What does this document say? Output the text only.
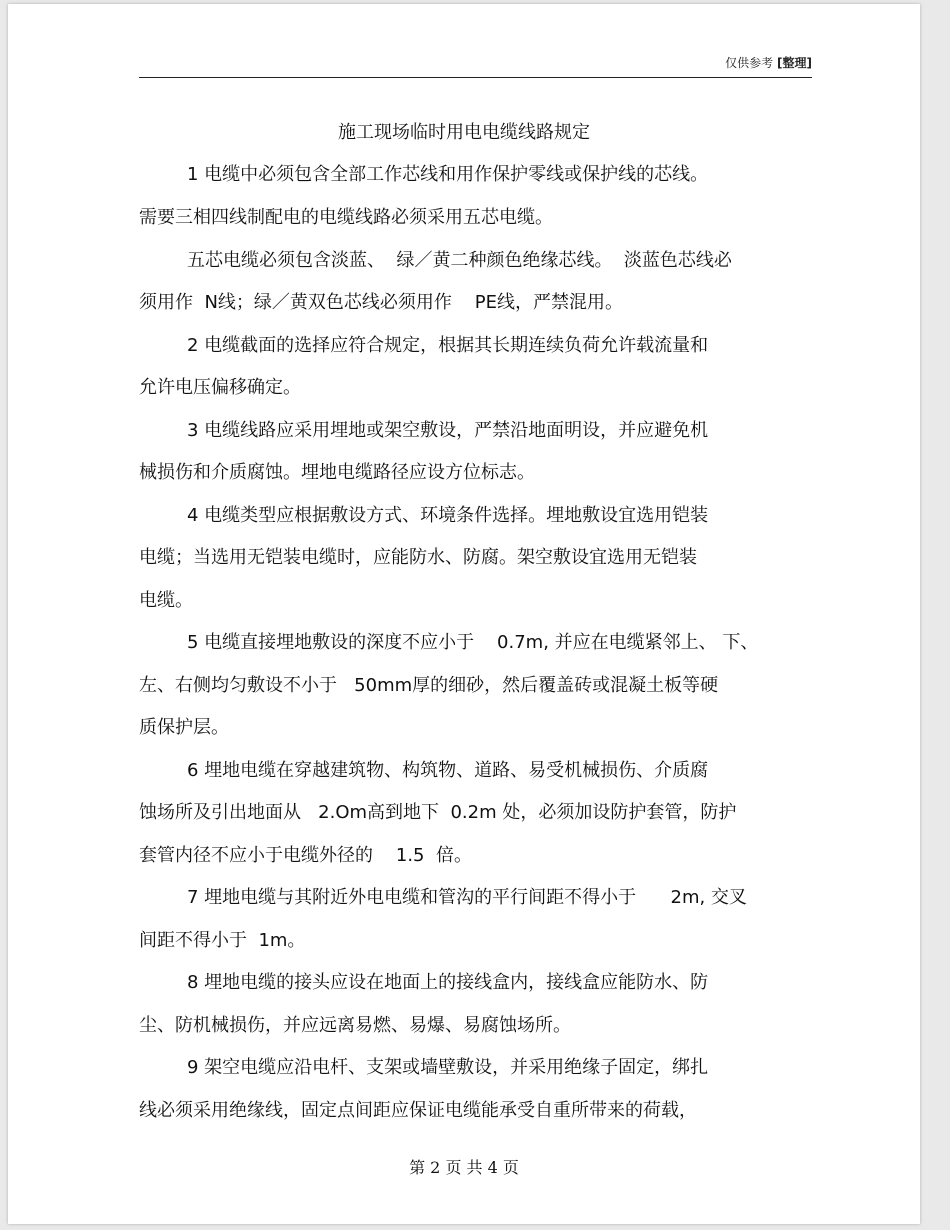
仅供参考 [整理]
施工现场临时用电电缆线路规定
1 电缆中必须包含全部工作芯线和用作保护零线或保护线的芯线。
需要三相四线制配电的电缆线路必须采用五芯电缆。
五芯电缆必须包含淡蓝、  绿／黄二种颜色绝缘芯线。  淡蓝色芯线必
须用作  N线；绿／黄双色芯线必须用作    PE线，严禁混用。
2 电缆截面的选择应符合规定，根据其长期连续负荷允许载流量和
允许电压偏移确定。
3 电缆线路应采用埋地或架空敷设，严禁沿地面明设，并应避免机
械损伤和介质腐蚀。埋地电缆路径应设方位标志。
4 电缆类型应根据敷设方式、环境条件选择。埋地敷设宜选用铠装
电缆；当选用无铠装电缆时，应能防水、防腐。架空敷设宜选用无铠装
电缆。
5 电缆直接埋地敷设的深度不应小于    0.7m, 并应在电缆紧邻上、 下、
左、右侧均匀敷设不小于   50mm厚的细砂，然后覆盖砖或混凝土板等硬
质保护层。
6 埋地电缆在穿越建筑物、构筑物、道路、易受机械损伤、介质腐
蚀场所及引出地面从   2.Om高到地下  0.2m 处，必须加设防护套管，防护
套管内径不应小于电缆外径的    1.5  倍。
7 埋地电缆与其附近外电电缆和管沟的平行间距不得小于      2m, 交叉
间距不得小于  1m。
8 埋地电缆的接头应设在地面上的接线盒内，接线盒应能防水、防
尘、防机械损伤，并应远离易燃、易爆、易腐蚀场所。
9 架空电缆应沿电杆、支架或墙壁敷设，并采用绝缘子固定，绑扎
线必须采用绝缘线，固定点间距应保证电缆能承受自重所带来的荷载，
第 2 页 共 4 页
